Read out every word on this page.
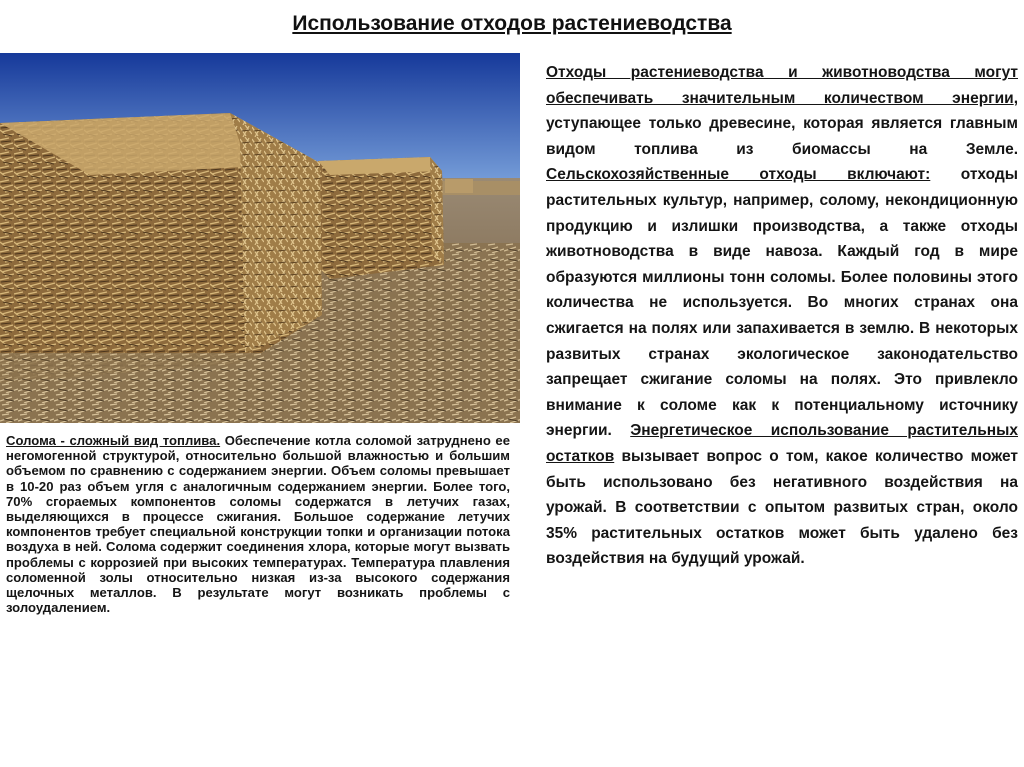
Использование отходов растениеводства
Солома - сложный вид топлива. Обеспечение котла соломой затруднено ее негомогенной структурой, относительно большой влажностью и большим объемом по сравнению с содержанием энергии. Объем соломы превышает в 10-20 раз объем угля с аналогичным содержанием энергии. Более того, 70% сгораемых компонентов соломы содержатся в летучих газах, выделяющихся в процессе сжигания. Большое содержание летучих компонентов требует специальной конструкции топки и организации потока воздуха в ней. Солома содержит соединения хлора, которые могут вызвать проблемы с коррозией при высоких температурах. Температура плавления соломенной золы относительно низкая из-за высокого содержания щелочных металлов. В результате могут возникать проблемы с золоудалением.
Отходы растениеводства и животноводства могут обеспечивать значительным количеством энергии, уступающее только древесине, которая является главным видом топлива из биомассы на Земле. Сельскохозяйственные отходы включают: отходы растительных культур, например, солому, некондиционную продукцию и излишки производства, а также отходы животноводства в виде навоза. Каждый год в мире образуются миллионы тонн соломы. Более половины этого количества не используется. Во многих странах она сжигается на полях или запахивается в землю. В некоторых развитых странах экологическое законодательство запрещает сжигание соломы на полях. Это привлекло внимание к соломе как к потенциальному источнику энергии. Энергетическое использование растительных остатков вызывает вопрос о том, какое количество может быть использовано без негативного воздействия на урожай. В соответствии с опытом развитых стран, около 35% растительных остатков может быть удалено без воздействия на будущий урожай.
